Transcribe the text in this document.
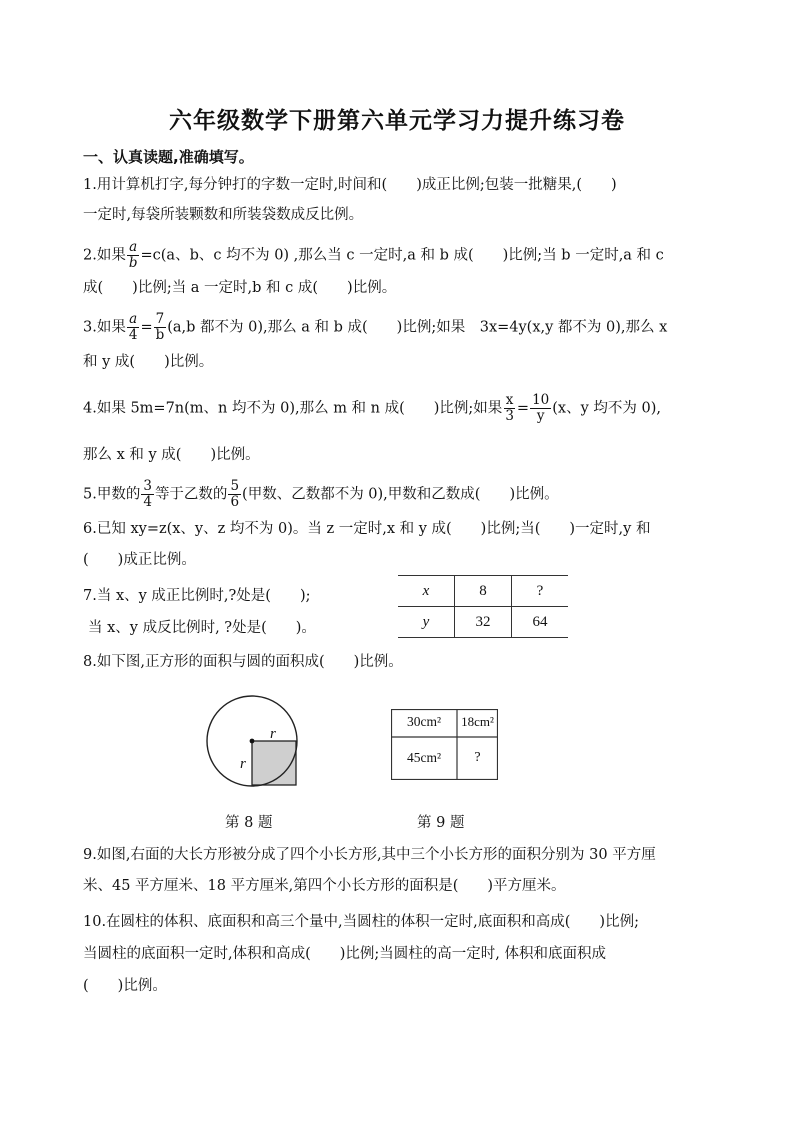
六年级数学下册第六单元学习力提升练习卷
一、认真读题,准确填写。
1.用计算机打字,每分钟打的字数一定时,时间和(　　)成正比例;包装一批糖果,(　　)
一定时,每袋所装颗数和所装袋数成反比例。
2.如果 $\frac{a}{b} =c(a$、b、c 均不为 0) ,那么当 c 一定时,a 和 b 成(　　)比例;当 b 一定时,a 和 c
成(　　)比例;当 a 一定时,b 和 c 成(　　)比例。
3.如果 $\frac{a}{4} = \frac{7}{b} (a,b$ 都不为 0),那么 a 和 b 成(　　)比例;如果　3x=4y(x,y 都不为 0),那么 x
和 y 成(　　)比例。
4.如果 5m=7n(m、n 均不为 0),那么 m 和 n 成(　　)比例;如果 $\frac{x}{3} = \frac{10}{y} (x$、y 均不为 0),
那么 x 和 y 成(　　)比例。
5.甲数的 $\frac{3}{4}$ 等于乙数的 $\frac{5}{6}$ (甲数、乙数都不为 0),甲数和乙数成(　　)比例。
6.已知 xy=z(x、y、z 均不为 0)。当 z 一定时,x 和 y 成(　　)比例;当(　　)一定时,y 和
(　　)成正比例。
7.当 x、y 成正比例时,?处是(　　);
当 x、y 成反比例时, ?处是(　　)。
x	8	?
y	32	64
8.如下图,正方形的面积与圆的面积成(　　)比例。
r
r
30cm²	18cm²
45cm²	?
第 8 题	第 9 题
9.如图,右面的大长方形被分成了四个小长方形,其中三个小长方形的面积分别为 30 平方厘
米、45 平方厘米、18 平方厘米,第四个小长方形的面积是(　　)平方厘米。
10.在圆柱的体积、底面积和高三个量中,当圆柱的体积一定时,底面积和高成(　　)比例;
当圆柱的底面积一定时,体积和高成(　　)比例;当圆柱的高一定时, 体积和底面积成
(　　)比例。
